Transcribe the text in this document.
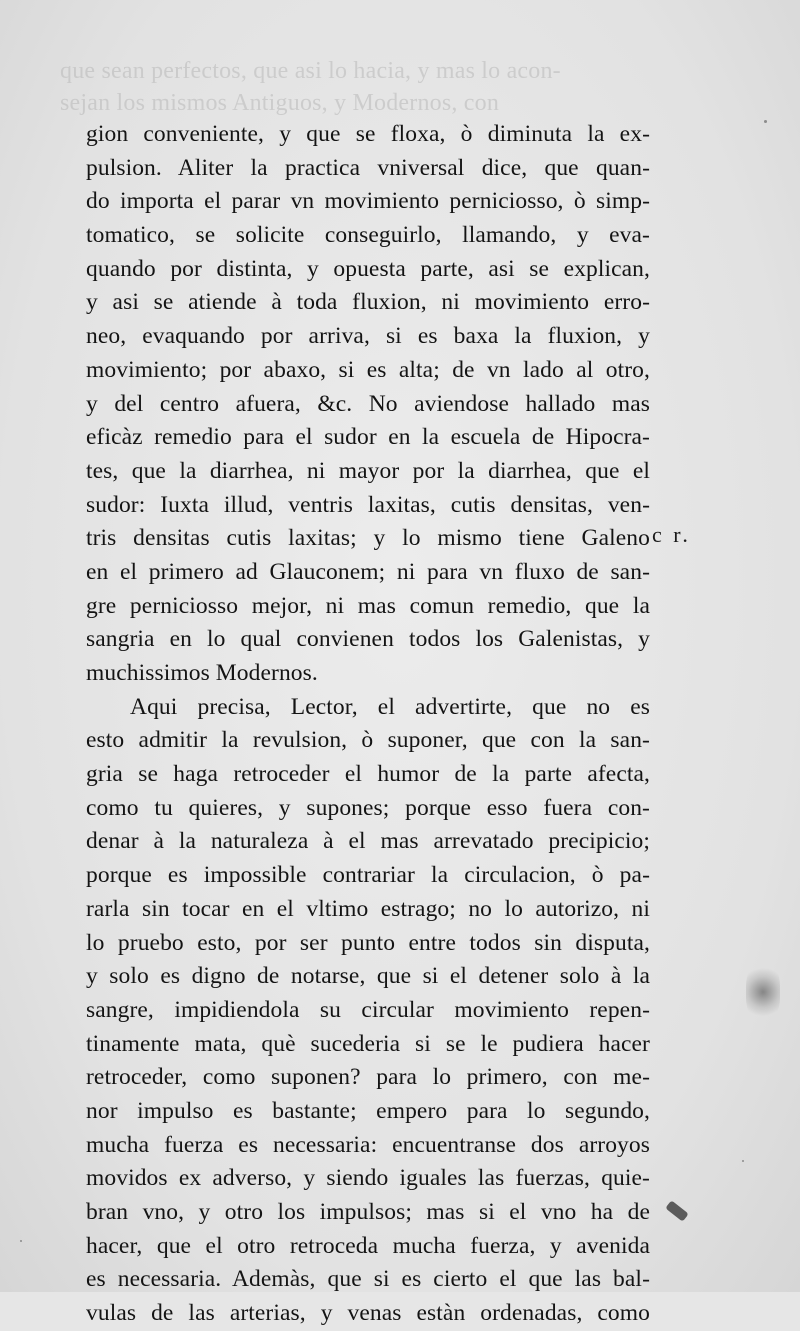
que sean perfectos, que asi lo hacia, y mas lo acon-
sejan los mismos Antiguos, y Modernos, con
gion conveniente, y que se floxa, ò diminuta la ex-
pulsion. Aliter la practica vniversal dice, que quan-
do importa el parar vn movimiento perniciosso, ò simp-
tomatico, se solicite conseguirlo, llamando, y eva-
quando por distinta, y opuesta parte, asi se explican,
y asi se atiende à toda fluxion, ni movimiento erro-
neo, evaquando por arriva, si es baxa la fluxion, y
movimiento; por abaxo, si es alta; de vn lado al otro,
y del centro afuera, &c. No aviendose hallado mas
eficàz remedio para el sudor en la escuela de Hipocra-
tes, que la diarrhea, ni mayor por la diarrhea, que el
sudor: Iuxta illud, ventris laxitas, cutis densitas, ven-
tris densitas cutis laxitas; y lo mismo tiene Galeno
en el primero ad Glauconem; ni para vn fluxo de san-
gre perniciosso mejor, ni mas comun remedio, que la
sangria en lo qual convienen todos los Galenistas, y
muchissimos Modernos.
Aqui precisa, Lector, el advertirte, que no es
esto admitir la revulsion, ò suponer, que con la san-
gria se haga retroceder el humor de la parte afecta,
como tu quieres, y supones; porque esso fuera con-
denar à la naturaleza à el mas arrevatado precipicio;
porque es impossible contrariar la circulacion, ò pa-
rarla sin tocar en el vltimo estrago; no lo autorizo, ni
lo pruebo esto, por ser punto entre todos sin disputa,
y solo es digno de notarse, que si el detener solo à la
sangre, impidiendola su circular movimiento repen-
tinamente mata, què sucederia si se le pudiera hacer
retroceder, como suponen? para lo primero, con me-
nor impulso es bastante; empero para lo segundo,
mucha fuerza es necessaria: encuentranse dos arroyos
movidos ex adverso, y siendo iguales las fuerzas, quie-
bran vno, y otro los impulsos; mas si el vno ha de
hacer, que el otro retroceda mucha fuerza, y avenida
es necessaria. Ademàs, que si es cierto el que las bal-
vulas de las arterias, y venas estàn ordenadas, como
c r.
